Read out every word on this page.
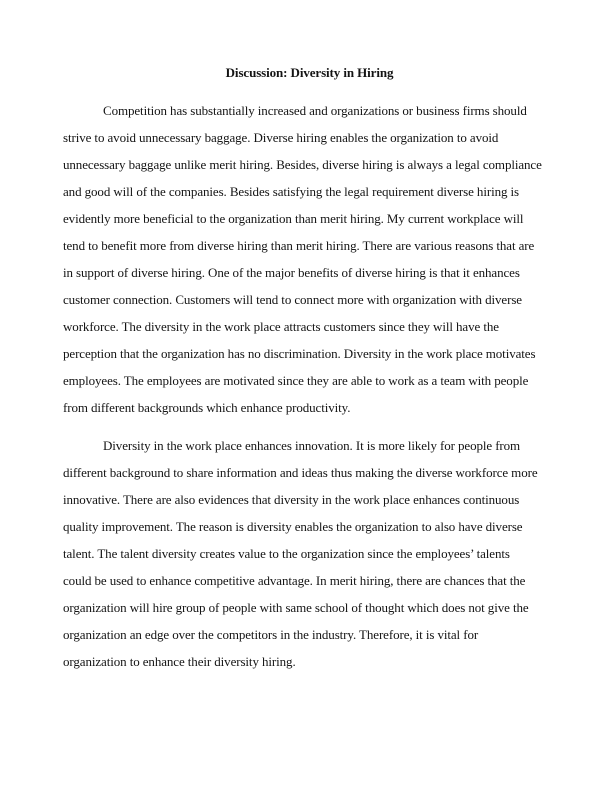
Discussion: Diversity in Hiring
Competition has substantially increased and organizations or business firms should
strive to avoid unnecessary baggage. Diverse hiring enables the organization to avoid
unnecessary baggage unlike merit hiring. Besides, diverse hiring is always a legal compliance
and good will of the companies. Besides satisfying the legal requirement diverse hiring is
evidently more beneficial to the organization than merit hiring. My current workplace will
tend to benefit more from diverse hiring than merit hiring. There are various reasons that are
in support of diverse hiring. One of the major benefits of diverse hiring is that it enhances
customer connection. Customers will tend to connect more with organization with diverse
workforce. The diversity in the work place attracts customers since they will have the
perception that the organization has no discrimination. Diversity in the work place motivates
employees. The employees are motivated since they are able to work as a team with people
from different backgrounds which enhance productivity.
Diversity in the work place enhances innovation. It is more likely for people from
different background to share information and ideas thus making the diverse workforce more
innovative. There are also evidences that diversity in the work place enhances continuous
quality improvement. The reason is diversity enables the organization to also have diverse
talent. The talent diversity creates value to the organization since the employees’ talents
could be used to enhance competitive advantage. In merit hiring, there are chances that the
organization will hire group of people with same school of thought which does not give the
organization an edge over the competitors in the industry. Therefore, it is vital for
organization to enhance their diversity hiring.
